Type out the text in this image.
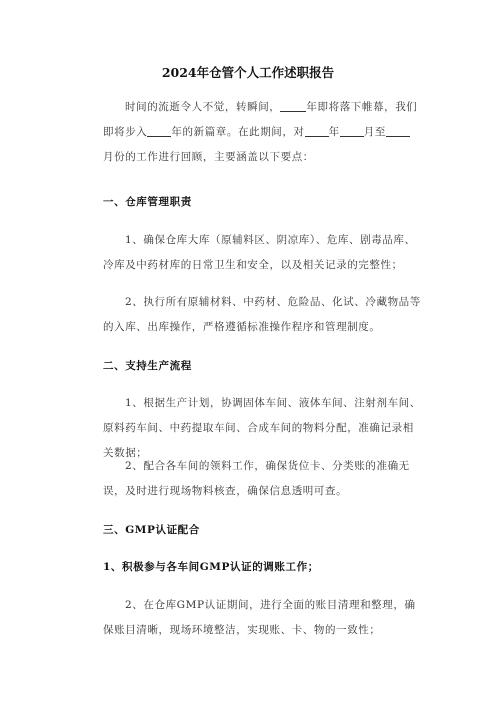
2024年仓管个人工作述职报告

时间的流逝令人不觉，转瞬间， 年即将落下帷幕，我们即将步入 年的新篇章。在此期间，对 年 月至月份的工作进行回顾，主要涵盖以下要点：

一、仓库管理职责

1、确保仓库大库（原辅料区、阴凉库）、危库、剧毒品库、冷库及中药材库的日常卫生和安全，以及相关记录的完整性；

2、执行所有原辅材料、中药材、危险品、化试、冷藏物品等的入库、出库操作，严格遵循标准操作程序和管理制度。

二、支持生产流程

1、根据生产计划，协调固体车间、液体车间、注射剂车间、原料药车间、中药提取车间、合成车间的物料分配，准确记录相关数据；

2、配合各车间的领料工作，确保货位卡、分类账的准确无误，及时进行现场物料核查，确保信息透明可查。

三、GMP认证配合
1、积极参与各车间GMP认证的调账工作；

2、在仓库GMP认证期间，进行全面的账目清理和整理，确保账目清晰，现场环境整洁，实现账、卡、物的一致性；
